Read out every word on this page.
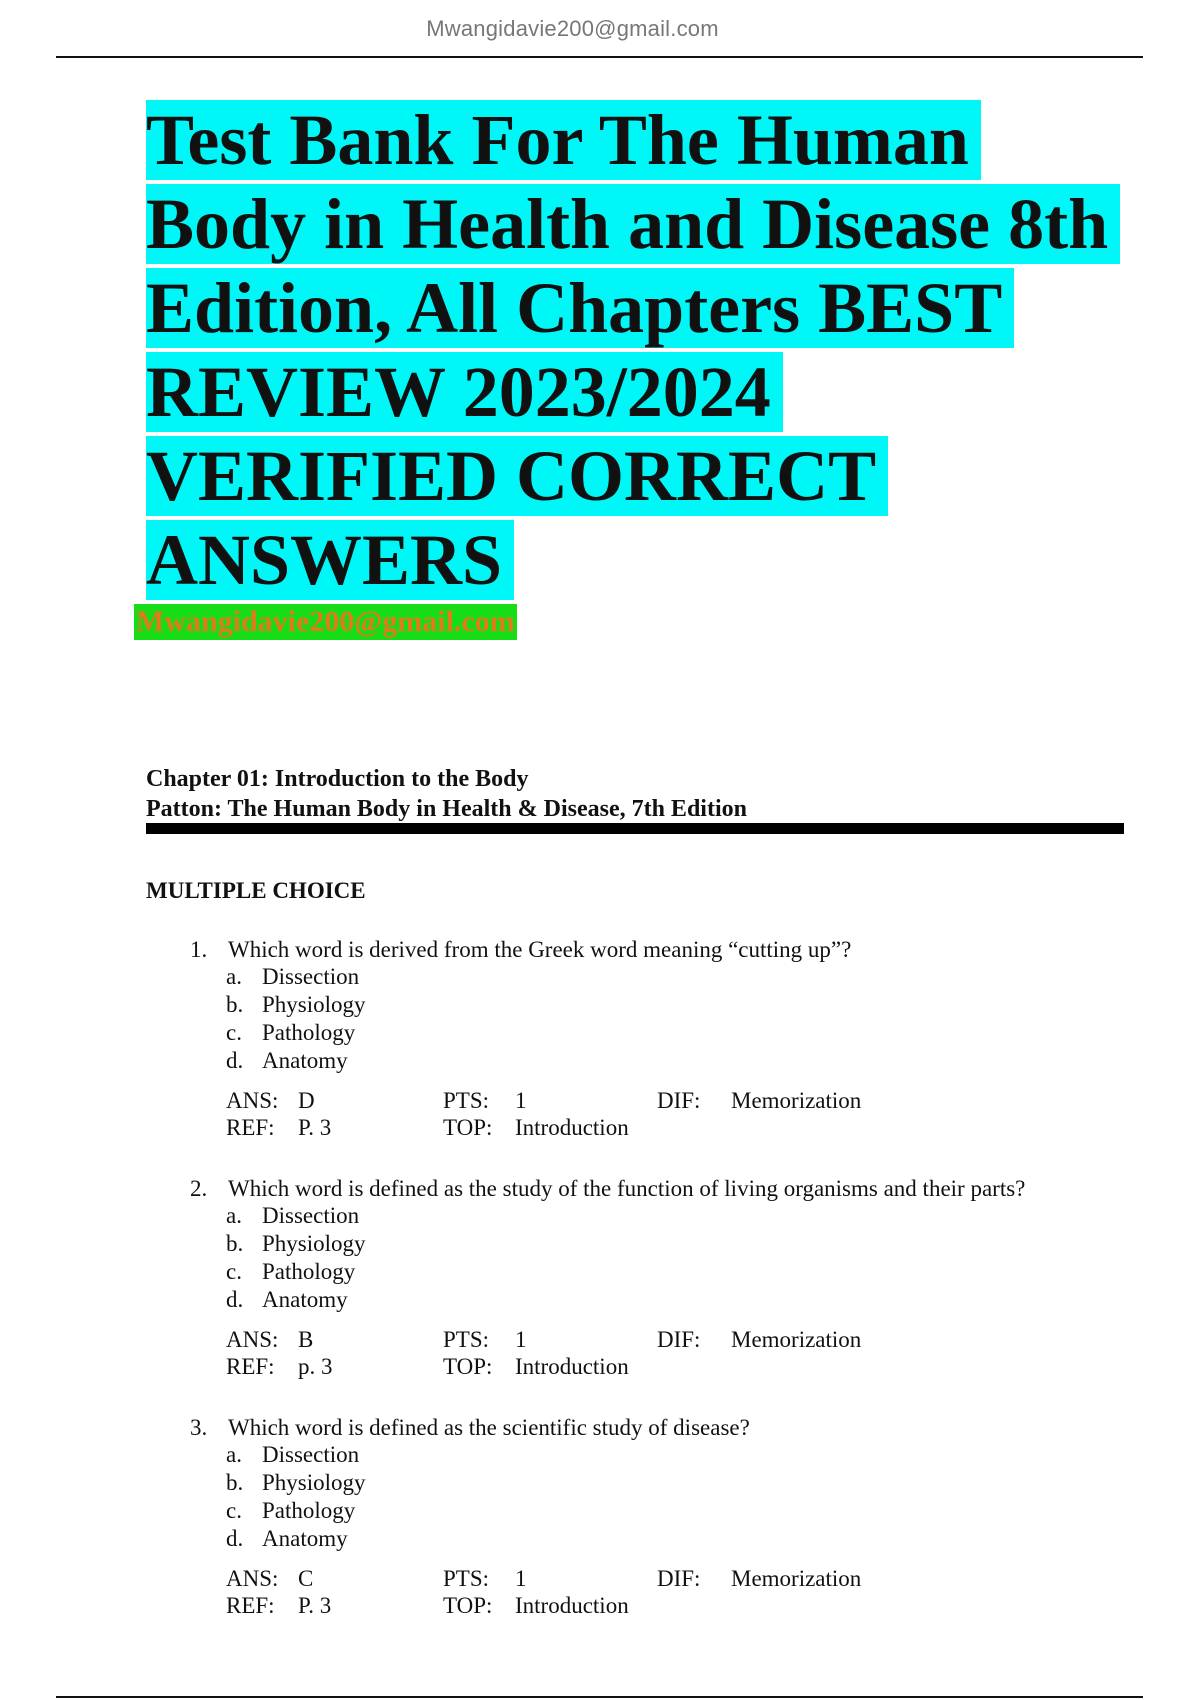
Mwangidavie200@gmail.com
Test Bank For The Human
Body in Health and Disease 8th
Edition, All Chapters BEST
REVIEW 2023/2024
VERIFIED CORRECT
ANSWERS
Mwangidavie200@gmail.com
Chapter 01: Introduction to the Body
Patton: The Human Body in Health & Disease, 7th Edition
MULTIPLE CHOICE
1. Which word is derived from the Greek word meaning “cutting up”?
a. Dissection
b. Physiology
c. Pathology
d. Anatomy
ANS: D	PTS: 1	DIF: Memorization
REF: P. 3	TOP: Introduction
2. Which word is defined as the study of the function of living organisms and their parts?
a. Dissection
b. Physiology
c. Pathology
d. Anatomy
ANS: B	PTS: 1	DIF: Memorization
REF: p. 3	TOP: Introduction
3. Which word is defined as the scientific study of disease?
a. Dissection
b. Physiology
c. Pathology
d. Anatomy
ANS: C	PTS: 1	DIF: Memorization
REF: P. 3	TOP: Introduction
